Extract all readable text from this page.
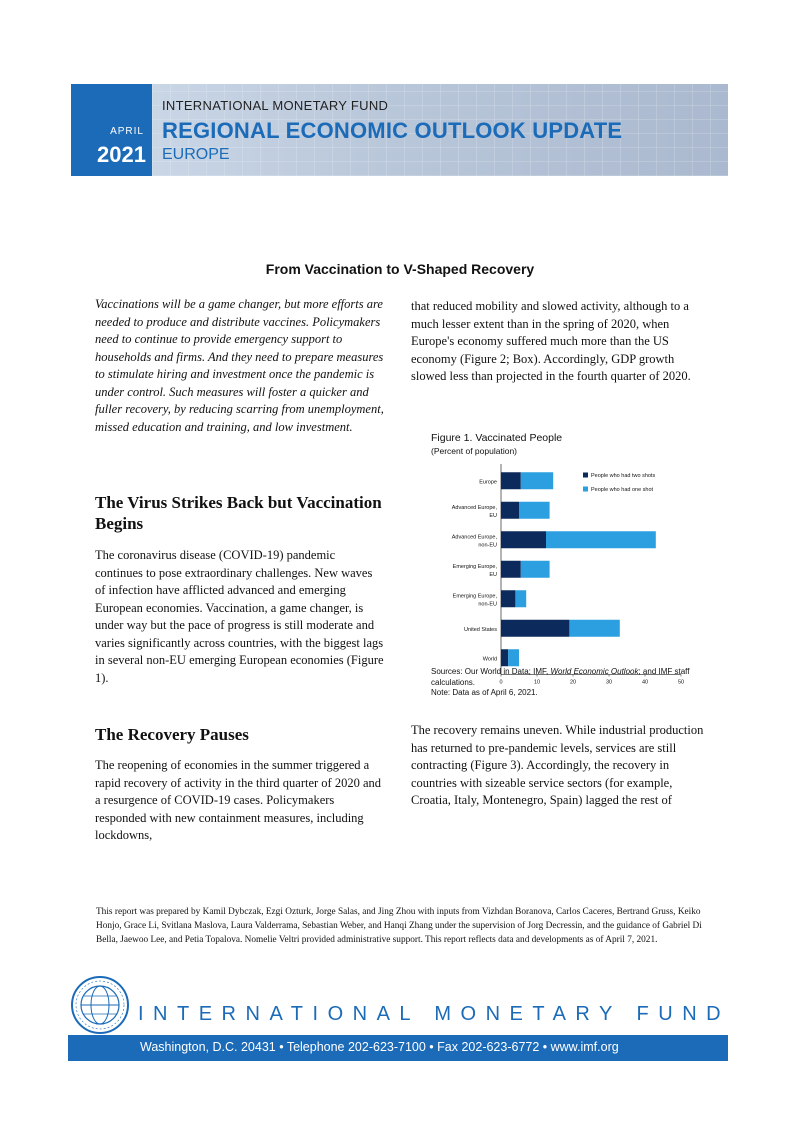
APRIL
2021
INTERNATIONAL MONETARY FUND
REGIONAL ECONOMIC OUTLOOK UPDATE
EUROPE
From Vaccination to V-Shaped Recovery
Vaccinations will be a game changer, but more efforts are needed to produce and distribute vaccines. Policymakers need to continue to provide emergency support to households and firms. And they need to prepare measures to stimulate hiring and investment once the pandemic is under control. Such measures will foster a quicker and fuller recovery, by reducing scarring from unemployment, missed education and training, and low investment.
The Virus Strikes Back but Vaccination Begins
The coronavirus disease (COVID-19) pandemic continues to pose extraordinary challenges. New waves of infection have afflicted advanced and emerging European economies. Vaccination, a game changer, is under way but the pace of progress is still moderate and varies significantly across countries, with the biggest lags in several non-EU emerging European economies (Figure 1).
The Recovery Pauses
The reopening of economies in the summer triggered a rapid recovery of activity in the third quarter of 2020 and a resurgence of COVID-19 cases. Policymakers responded with new containment measures, including lockdowns,
that reduced mobility and slowed activity, although to a much lesser extent than in the spring of 2020, when Europe's economy suffered much more than the US economy (Figure 2; Box). Accordingly, GDP growth slowed less than projected in the fourth quarter of 2020.
Figure 1. Vaccinated People
(Percent of population)
Europe
Advanced Europe,
EU
Advanced Europe,
non-EU
Emerging Europe,
EU
Emerging Europe,
non-EU
United States
World
0	10	20	30	40	50
People who had two shots
People who had one shot
Sources: Our World in Data; IMF, World Economic Outlook; and IMF staff calculations.
Note: Data as of April 6, 2021.
The recovery remains uneven. While industrial production has returned to pre-pandemic levels, services are still contracting (Figure 3). Accordingly, the recovery in countries with sizeable service sectors (for example, Croatia, Italy, Montenegro, Spain) lagged the rest of
This report was prepared by Kamil Dybczak, Ezgi Ozturk, Jorge Salas, and Jing Zhou with inputs from Vizhdan Boranova, Carlos Caceres, Bertrand Gruss, Keiko Honjo, Grace Li, Svitlana Maslova, Laura Valderrama, Sebastian Weber, and Hanqi Zhang under the supervision of Jorg Decressin, and the guidance of Gabriel Di Bella, Jaewoo Lee, and Petia Topalova. Nomelie Veltri provided administrative support. This report reflects data and developments as of April 7, 2021.
INTERNATIONAL MONETARY FUND
Washington, D.C. 20431 • Telephone 202-623-7100 • Fax 202-623-6772 • www.imf.org
